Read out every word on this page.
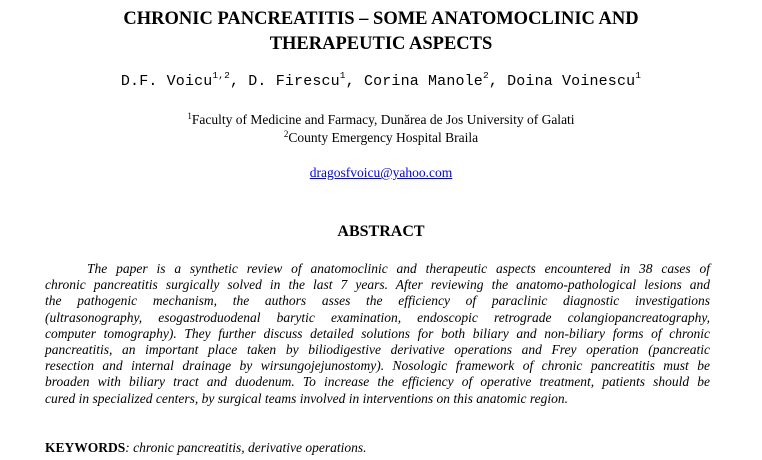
CHRONIC PANCREATITIS – SOME ANATOMOCLINIC AND
THERAPEUTIC ASPECTS
D.F. Voicu$^{1,2}$, D. Firescu$^1$, Corina Manole$^2$, Doina Voinescu$^1$
$^1$Faculty of Medicine and Farmacy, Dunărea de Jos University of Galati
$^2$County Emergency Hospital Braila
dragosfvoicu@yahoo.com
ABSTRACT
The paper is a synthetic review of anatomoclinic and therapeutic aspects encountered in 38 cases of
chronic pancreatitis surgically solved in the last 7 years. After reviewing the anatomo-pathological lesions and
the pathogenic mechanism, the authors asses the efficiency of paraclinic diagnostic investigations
(ultrasonography, esogastroduodenal barytic examination, endoscopic retrograde colangiopancreatography,
computer tomography). They further discuss detailed solutions for both biliary and non-biliary forms of chronic
pancreatitis, an important place taken by biliodigestive derivative operations and Frey operation (pancreatic
resection and internal drainage by wirsungojejunostomy). Nosologic framework of chronic pancreatitis must be
broaden with biliary tract and duodenum. To increase the efficiency of operative treatment, patients should be
cured in specialized centers, by surgical teams involved in interventions on this anatomic region.
KEYWORDS: chronic pancreatitis, derivative operations.
